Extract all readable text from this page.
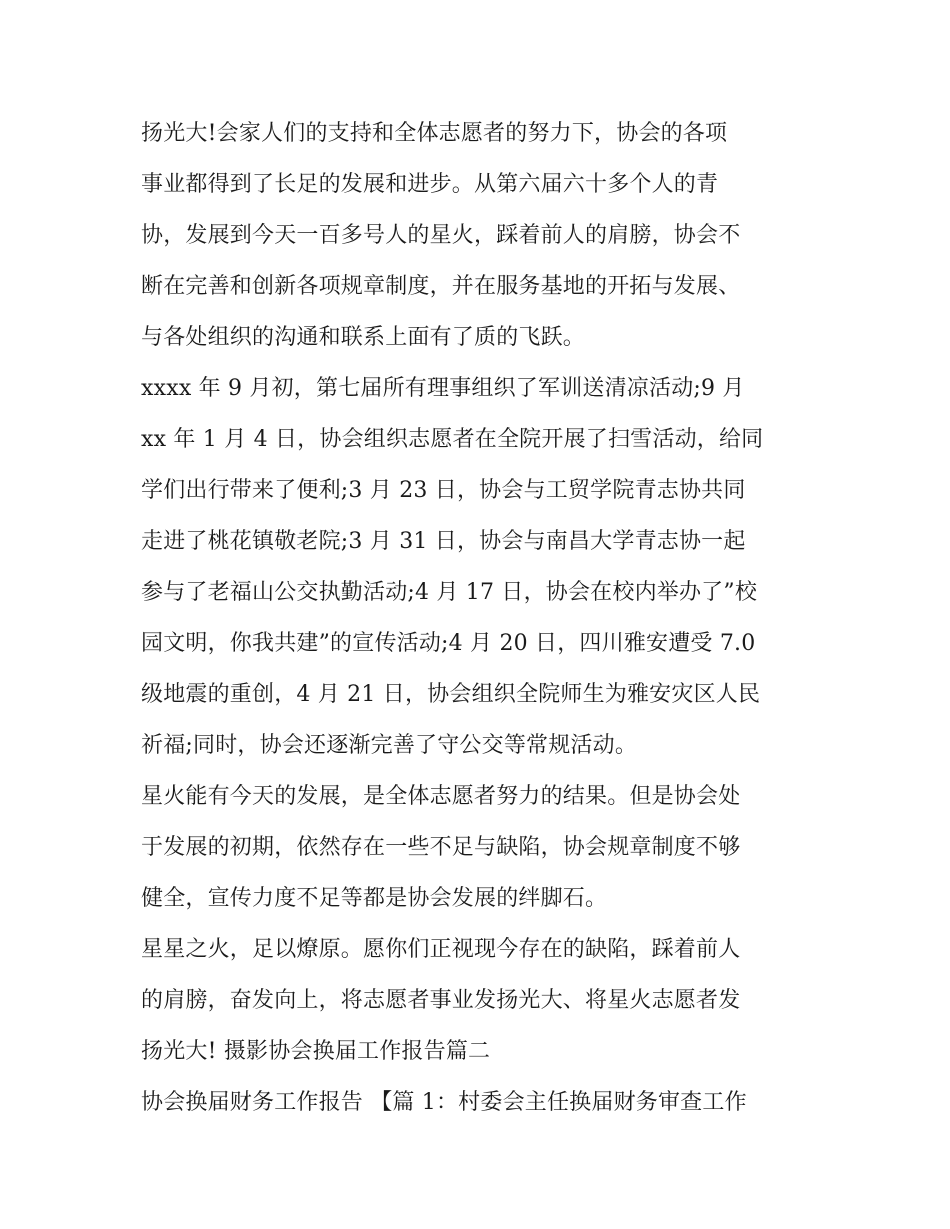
扬光大!会家人们的支持和全体志愿者的努力下，协会的各项
事业都得到了长足的发展和进步。从第六届六十多个人的青
协，发展到今天一百多号人的星火，踩着前人的肩膀，协会不
断在完善和创新各项规章制度，并在服务基地的开拓与发展、
与各处组织的沟通和联系上面有了质的飞跃。
xxxx 年 9 月初，第七届所有理事组织了军训送清凉活动;9 月
xx 年 1 月 4 日，协会组织志愿者在全院开展了扫雪活动，给同
学们出行带来了便利;3 月 23 日，协会与工贸学院青志协共同
走进了桃花镇敬老院;3 月 31 日，协会与南昌大学青志协一起
参与了老福山公交执勤活动;4 月 17 日，协会在校内举办了”校
园文明，你我共建”的宣传活动;4 月 20 日，四川雅安遭受 7.0
级地震的重创，4 月 21 日，协会组织全院师生为雅安灾区人民
祈福;同时，协会还逐渐完善了守公交等常规活动。
星火能有今天的发展，是全体志愿者努力的结果。但是协会处
于发展的初期，依然存在一些不足与缺陷，协会规章制度不够
健全，宣传力度不足等都是协会发展的绊脚石。
星星之火，足以燎原。愿你们正视现今存在的缺陷，踩着前人
的肩膀，奋发向上，将志愿者事业发扬光大、将星火志愿者发
扬光大! 摄影协会换届工作报告篇二
协会换届财务工作报告 【篇 1：村委会主任换届财务审查工作
